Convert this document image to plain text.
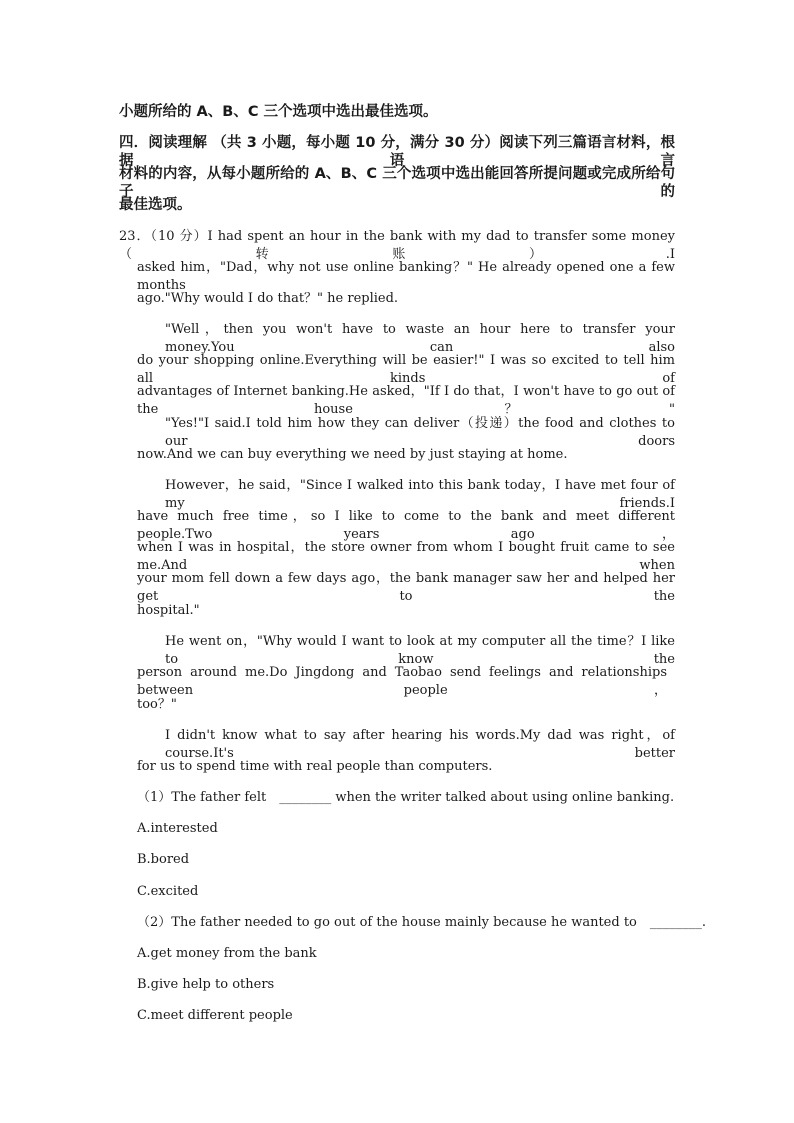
小题所给的 A、B、C 三个选项中选出最佳选项。
四．阅读理解 （共 3 小题，每小题 10 分，满分 30 分）阅读下列三篇语言材料，根据语言
材料的内容，从每小题所给的 A、B、C 三个选项中选出能回答所提问题或完成所给句子的
最佳选项。
23．（10 分）I had spent an hour in the bank with my dad to transfer some money（转账）.I
asked him，"Dad，why not use online banking？" He already opened one a few months
ago."Why would I do that？" he replied.
"Well，then you won't have to waste an hour here to transfer your money.You can also
do your shopping online.Everything will be easier!" I was so excited to tell him all kinds of
advantages of Internet banking.He asked，"If I do that，I won't have to go out of the house？"
"Yes!"I said.I told him how they can deliver（投递）the food and clothes to our doors
now.And we can buy everything we need by just staying at home.
However，he said，"Since I walked into this bank today，I have met four of my friends.I
have much free time，so I like to come to the bank and meet different people.Two years ago，
when I was in hospital，the store owner from whom I bought fruit came to see me.And when
your mom fell down a few days ago，the bank manager saw her and helped her get to the
hospital."
He went on，"Why would I want to look at my computer all the time？I like to know the
person around me.Do Jingdong and Taobao send feelings and relationships between people，
too？"
I didn't know what to say after hearing his words.My dad was right，of course.It's better
for us to spend time with real people than computers.
（1）The father felt　________ when the writer talked about using online banking.
A.interested
B.bored
C.excited
（2）The father needed to go out of the house mainly because he wanted to　________.
A.get money from the bank
B.give help to others
C.meet different people
